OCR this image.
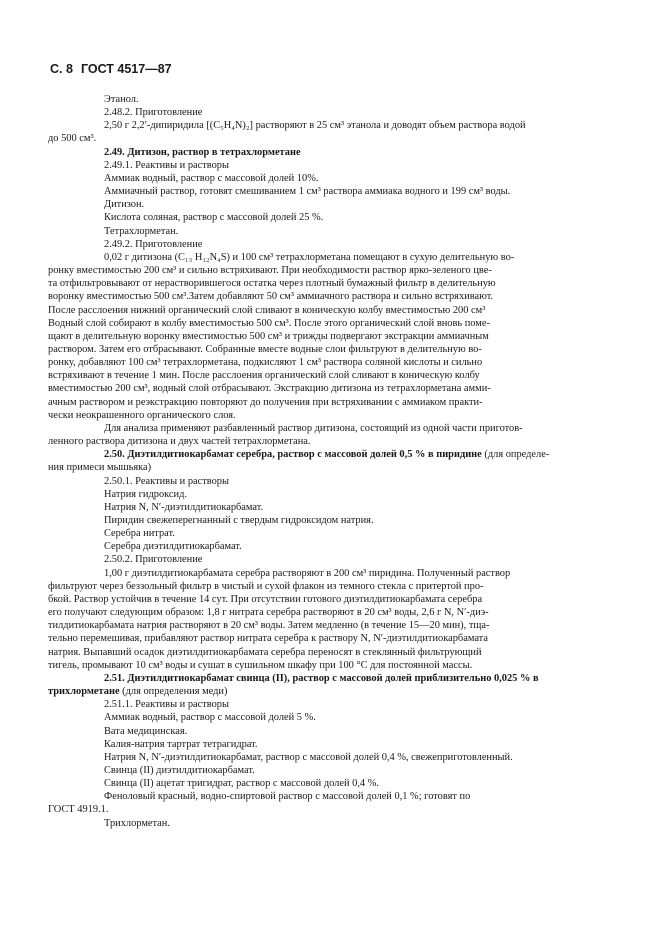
С. 8 ГОСТ 4517—87

Этанол.

2.48.2. Приготовление

2,50 г 2,2′-дипиридила [(C₅H₄N)₂] растворяют в 25 см³ этанола и доводят объем раствора водой

до 500 см³.

2.49. Дитизон, раствор в тетрахлорметане

2.49.1. Реактивы и растворы

Аммиак водный, раствор с массовой долей 10%.

Аммиачный раствор, готовят смешиванием 1 см³ раствора аммиака водного и 199 см³ воды.

Дитизон.

Кислота соляная, раствор с массовой долей 25 %.

Тетрахлорметан.

2.49.2. Приготовление

0,02 г дитизона (C₁₃ H₁₂N₄S) и 100 см³ тетрахлорметана помещают в сухую делительную во-

ронку вместимостью 200 см³ и сильно встряхивают. При необходимости раствор ярко-зеленого цве-

та отфильтровывают от нерастворившегося остатка через плотный бумажный фильтр в делительную

воронку вместимостью 500 см³.Затем добавляют 50 см³ аммиачного раствора и сильно встряхивают.

После расслоения нижний органический слой сливают в коническую колбу вместимостью 200 см³

Водный слой собирают в колбу вместимостью 500 см³. После этого органический слой вновь поме-

щают в делительную воронку вместимостью 500 см³ и трижды подвергают экстракции аммиачным

раствором. Затем его отбрасывают. Собранные вместе водные слои фильтруют в делительную во-

ронку, добавляют 100 см³ тетрахлорметана, подкисляют 1 см³ раствора соляной кислоты и сильно

встряхивают в течение 1 мин. После расслоения органический слой сливают в коническую колбу

вместимостью 200 см³, водный слой отбрасывают. Экстракцию дитизона из тетрахлорметана амми-

ачным раствором и реэкстракцию повторяют до получения при встряхивании с аммиаком практи-

чески неокрашенного органического слоя.

Для анализа применяют разбавленный раствор дитизона, состоящий из одной части приготов-

ленного раствора дитизона и двух частей тетрахлорметана.

2.50. Диэтилдитиокарбамат серебра, раствор с массовой долей 0,5 % в пиридине (для определе-

ния примеси мышьяка)

2.50.1. Реактивы и растворы

Натрия гидроксид.

Натрия N, N′-диэтилдитиокарбамат.

Пиридин свежеперегнанный с твердым гидроксидом натрия.

Серебра нитрат.

Серебра диэтилдитиокарбамат.

2.50.2. Приготовление

1,00 г диэтилдитиокарбамата серебра растворяют в 200 см³ пиридина. Полученный раствор

фильтруют через беззольный фильтр в чистый и сухой флакон из темного стекла с притертой про-

бкой. Раствор устойчив в течение 14 сут. При отсутствии готового диэтилдитиокарбамата серебра

его получают следующим образом: 1,8 г нитрата серебра растворяют в 20 см³ воды, 2,6 г N, N′-диэ-

тилдитиокарбамата натрия растворяют в 20 см³ воды. Затем медленно (в течение 15—20 мин), тща-

тельно перемешивая, прибавляют раствор нитрата серебра к раствору N, N′-диэтилдитиокарбамата

натрия. Выпавший осадок диэтилдитиокарбамата серебра переносят в стеклянный фильтрующий

тигель, промывают 10 см³ воды и сушат в сушильном шкафу при 100 °C для постоянной массы.

2.51. Диэтилдитиокарбамат свинца (II), раствор с массовой долей приблизительно 0,025 % в

трихлорметане (для определения меди)

2.51.1. Реактивы и растворы

Аммиак водный, раствор с массовой долей 5 %.

Вата медицинская.

Калия-натрия тартрат тетрагидрат.

Натрия N, N′-диэтилдитиокарбамат, раствор с массовой долей 0,4 %, свежеприготовленный.

Свинца (II) диэтилдитиокарбамат.

Свинца (II) ацетат тригидрат, раствор с массовой долей 0,4 %.

Феноловый красный, водно-спиртовой раствор с массовой долей 0,1 %; готовят по

ГОСТ 4919.1.

Трихлорметан.
